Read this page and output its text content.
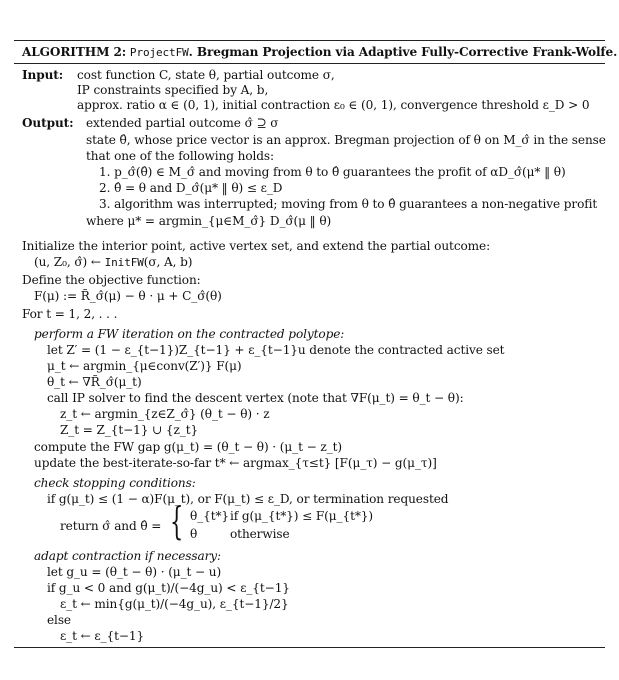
ALGORITHM 2: ProjectFW. Bregman Projection via Adaptive Fully-Corrective Frank-Wolfe.
Input: cost function C, state θ, partial outcome σ,
IP constraints specified by A, b,
approx. ratio α ∈ (0, 1), initial contraction ε₀ ∈ (0, 1), convergence threshold ε_D > 0
Output: extended partial outcome σ̂ ⊇ σ
state θ̂, whose price vector is an approx. Bregman projection of θ on M_σ̂ in the sense
that one of the following holds:
1. p_σ̂(θ̂) ∈ M_σ̂ and moving from θ to θ̂ guarantees the profit of αD_σ̂(μ* ‖ θ)
2. θ̂ = θ and D_σ̂(μ* ‖ θ) ≤ ε_D
3. algorithm was interrupted; moving from θ to θ̂ guarantees a non-negative profit
where μ* = argmin_{μ∈M_σ̂} D_σ̂(μ ‖ θ)
Initialize the interior point, active vertex set, and extend the partial outcome:
(u, Z₀, σ̂) ← InitFW(σ, A, b)
Define the objective function:
F(μ) := R̃_σ̂(μ) − θ · μ + C_σ̂(θ)
For t = 1, 2, . . .
perform a FW iteration on the contracted polytope:
let Z′ = (1 − ε_{t−1})Z_{t−1} + ε_{t−1}u denote the contracted active set
μ_t ← argmin_{μ∈conv(Z′)} F(μ)
θ_t ← ∇R̃_σ̂(μ_t)
call IP solver to find the descent vertex (note that ∇F(μ_t) = θ_t − θ):
z_t ← argmin_{z∈Z_σ̂} (θ_t − θ) · z
Z_t = Z_{t−1} ∪ {z_t}
compute the FW gap g(μ_t) = (θ_t − θ) · (μ_t − z_t)
update the best-iterate-so-far t* ← argmax_{τ≤t} [F(μ_τ) − g(μ_τ)]
check stopping conditions:
if g(μ_t) ≤ (1 − α)F(μ_t), or F(μ_t) ≤ ε_D, or termination requested
return σ̂ and θ̂ = { θ_{t*} if g(μ_{t*}) ≤ F(μ_{t*})
θ	otherwise
adapt contraction if necessary:
let g_u = (θ_t − θ) · (μ_t − u)
if g_u < 0 and g(μ_t)/(−4g_u) < ε_{t−1}
ε_t ← min{g(μ_t)/(−4g_u), ε_{t−1}/2}
else
ε_t ← ε_{t−1}
